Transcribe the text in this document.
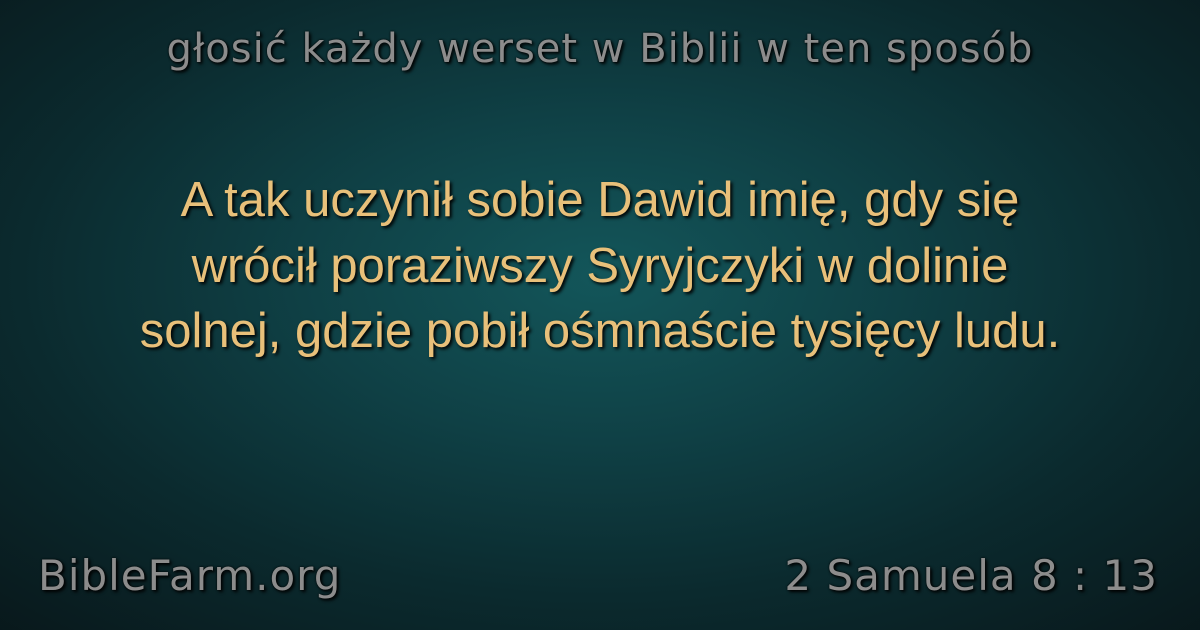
głosić każdy werset w Biblii w ten sposób
A tak uczynił sobie Dawid imię, gdy się
wrócił poraziwszy Syryjczyki w dolinie
solnej, gdzie pobił ośmnaście tysięcy ludu.
BibleFarm.org	2 Samuela 8 : 13
